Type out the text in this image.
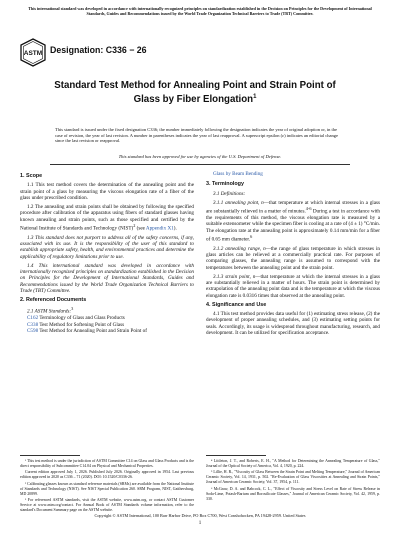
This international standard was developed in accordance with internationally recognized principles on standardization established in the Decision on Principles for the Development of International Standards, Guides and Recommendations issued by the World Trade Organization Technical Barriers to Trade (TBT) Committee.
ASTM Designation: C336 − 26
Standard Test Method for Annealing Point and Strain Point of Glass by Fiber Elongation$^1$
This standard is issued under the fixed designation C336; the number immediately following the designation indicates the year of original adoption or, in the case of revision, the year of last revision. A number in parentheses indicates the year of last reapproval. A superscript epsilon (ε) indicates an editorial change since the last revision or reapproval.
This standard has been approved for use by agencies of the U.S. Department of Defense.
1. Scope

1.1 This test method covers the determination of the annealing point and the strain point of a glass by measuring the viscous elongation rate of a fiber of the glass under prescribed condition.

1.2 The annealing and strain points shall be obtained by following the specified procedure after calibration of the apparatus using fibers of standard glasses having known annealing and strain points, such as those specified and certified by the National Institute of Standards and Technology (NIST)$^2$ (see Appendix X1).

1.3 This standard does not purport to address all of the safety concerns, if any, associated with its use. It is the responsibility of the user of this standard to establish appropriate safety, health, and environmental practices and determine the applicability of regulatory limitations prior to use.

1.4 This international standard was developed in accordance with internationally recognized principles on standardization established in the Decision on Principles for the Development of International Standards, Guides and Recommendations issued by the World Trade Organization Technical Barriers to Trade (TBT) Committee.

2. Referenced Documents
2.1 ASTM Standards:$^3$
C162 Terminology of Glass and Glass Products
C338 Test Method for Softening Point of Glass
C598 Test Method for Annealing Point and Strain Point of
Glass by Beam Bending
3. Terminology

3.1 Definitions:

3.1.1 annealing point, n—that temperature at which internal stresses in a glass are substantially relieved in a matter of minutes.$^{4-6}$ During a test in accordance with the requirements of this method, the viscous elongation rate is measured by a suitable extensometer while the specimen fiber is cooling at a rate of (4 ± 1) °C/min. The elongation rate at the annealing point is approximately 0.14 mm/min for a fiber of 0.65 mm diameter.$^6$

3.1.2 annealing range, n—the range of glass temperature in which stresses in glass articles can be relieved at a commercially practical rate. For purposes of comparing glasses, the annealing range is assumed to correspond with the temperatures between the annealing point and the strain point.

3.1.3 strain point, n—that temperature at which the internal stresses in a glass are substantially relieved in a matter of hours. The strain point is determined by extrapolation of the annealing point data and is the temperature at which the viscous elongation rate is 0.0316 times that observed at the annealing point.

4. Significance and Use

4.1 This test method provides data useful for (1) estimating stress release, (2) the development of proper annealing schedules, and (3) estimating setting points for seals. Accordingly, its usage is widespread throughout manufacturing, research, and development. It can be utilized for specification acceptance.

¹ This test method is under the jurisdiction of ASTM Committee C14 on Glass and Glass Products and is the direct responsibility of Subcommittee C14.04 on Physical and Mechanical Properties.

Current edition approved July 1, 2026. Published July 2026. Originally approved in 1954. Last previous edition approved in 2020 as C336 – 71 (2020). DOI: 10.1520/C0336-26.

² Calibrating glasses known as standard reference materials (SRMs) are available from the National Institute of Standards and Technology (NIST). See NIST Special Publication 260. SRM Program, NIST, Gaithersburg, MD 20899.

³ For referenced ASTM standards, visit the ASTM website, www.astm.org, or contact ASTM Customer Service at www.astm.org/contact. For Annual Book of ASTM Standards volume information, refer to the standard's Document Summary page on the ASTM website.

⁴ Littleton, J. T., and Roberts, E. H., "A Method for Determining the Annealing Temperature of Glass," Journal of the Optical Society of America, Vol. 4, 1920, p. 224.

⁵ Lillie, H. R., "Viscosity of Glass Between the Strain Point and Melting Temperature," Journal of American Ceramic Society, Vol. 14, 1931, p. 502. "Re-Evaluation of Glass Viscosities at Annealing and Strain Points," Journal of American Ceramic Society, Vol. 37, 1954, p. 111.

⁶ McGraw, D. A. and Babcock, C. L., "Effect of Viscosity and Stress Level on Rate of Stress Release in Soda-Lime, Potash-Barium and Borosilicate Glasses," Journal of American Ceramic Society, Vol. 42, 1959, p. 330.

Copyright © ASTM International, 100 Barr Harbor Drive, PO Box C700, West Conshohocken, PA 19428-2959. United States
1
